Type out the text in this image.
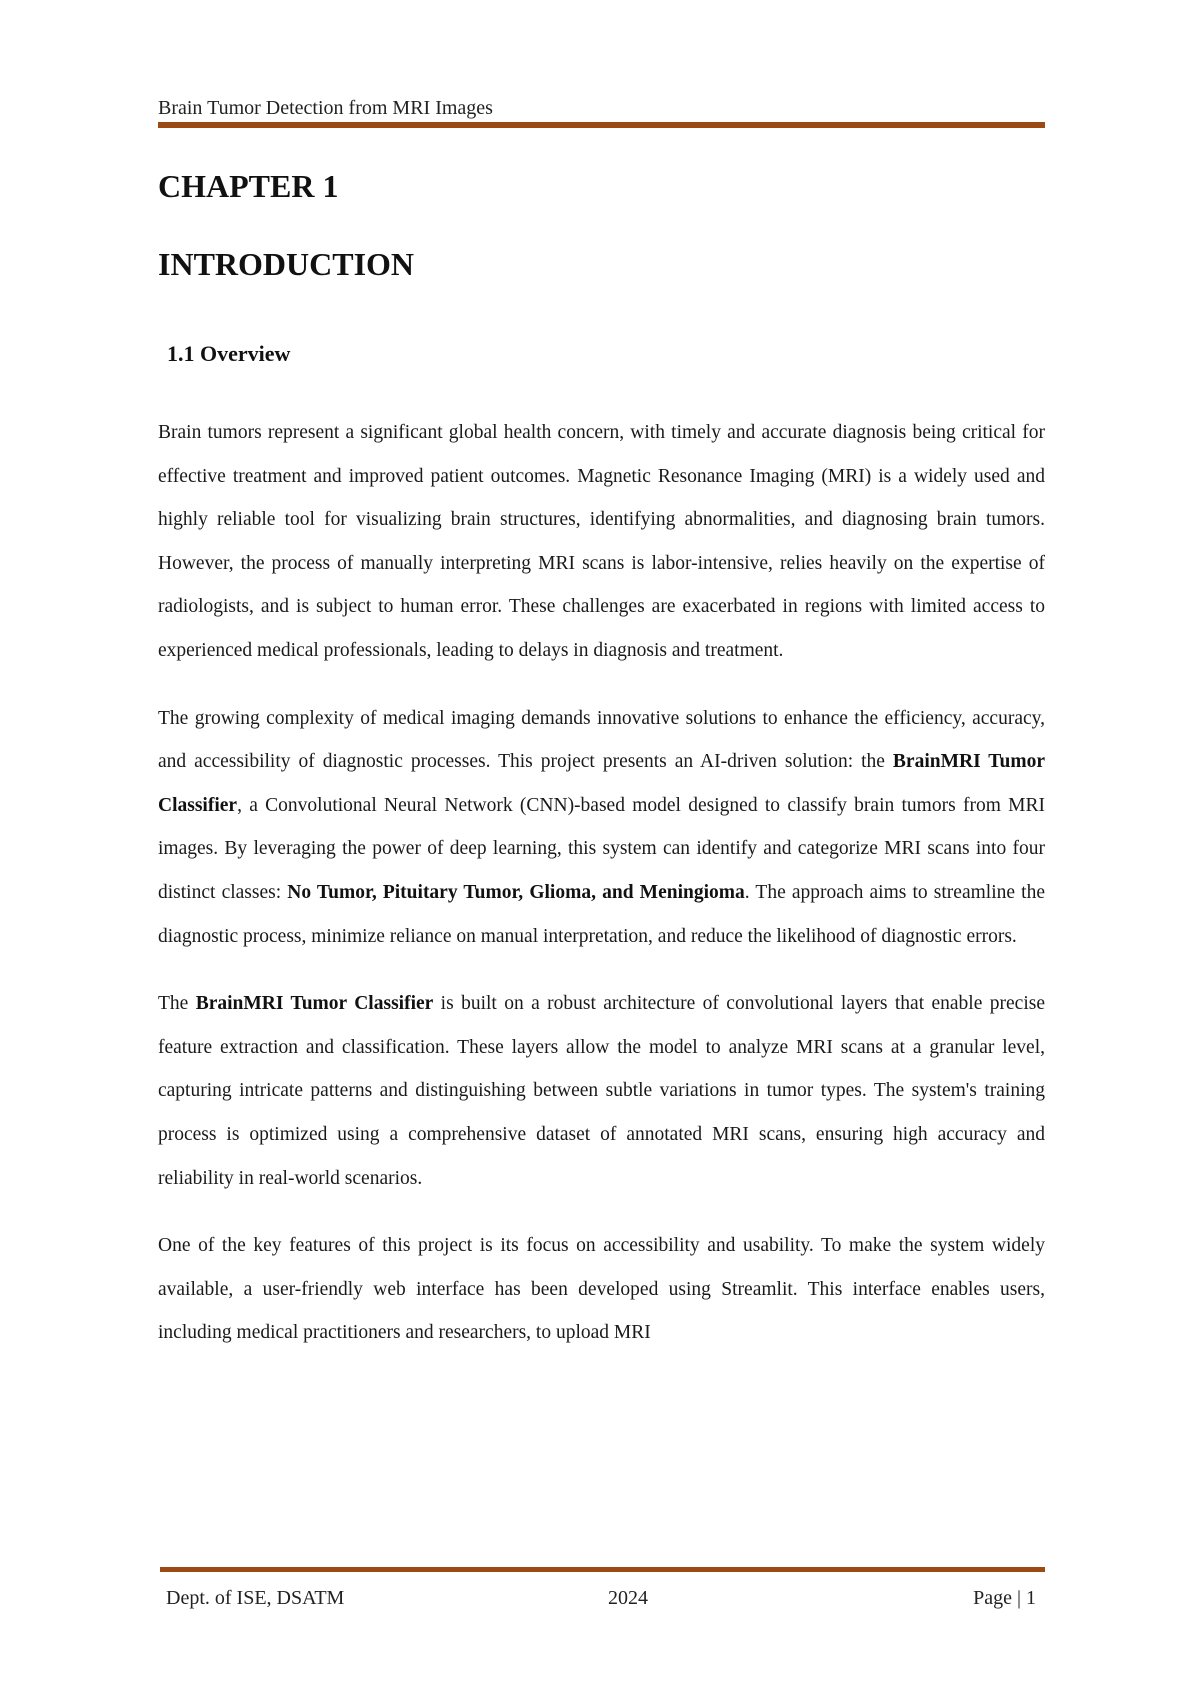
Brain Tumor Detection from MRI Images
CHAPTER 1
INTRODUCTION
1.1 Overview

Brain tumors represent a significant global health concern, with timely and accurate diagnosis being critical for effective treatment and improved patient outcomes. Magnetic Resonance Imaging (MRI) is a widely used and highly reliable tool for visualizing brain structures, identifying abnormalities, and diagnosing brain tumors. However, the process of manually interpreting MRI scans is labor-intensive, relies heavily on the expertise of radiologists, and is subject to human error. These challenges are exacerbated in regions with limited access to experienced medical professionals, leading to delays in diagnosis and treatment.

The growing complexity of medical imaging demands innovative solutions to enhance the efficiency, accuracy, and accessibility of diagnostic processes. This project presents an AI-driven solution: the BrainMRI Tumor Classifier, a Convolutional Neural Network (CNN)-based model designed to classify brain tumors from MRI images. By leveraging the power of deep learning, this system can identify and categorize MRI scans into four distinct classes: No Tumor, Pituitary Tumor, Glioma, and Meningioma. The approach aims to streamline the diagnostic process, minimize reliance on manual interpretation, and reduce the likelihood of diagnostic errors.

The BrainMRI Tumor Classifier is built on a robust architecture of convolutional layers that enable precise feature extraction and classification. These layers allow the model to analyze MRI scans at a granular level, capturing intricate patterns and distinguishing between subtle variations in tumor types. The system's training process is optimized using a comprehensive dataset of annotated MRI scans, ensuring high accuracy and reliability in real-world scenarios.

One of the key features of this project is its focus on accessibility and usability. To make the system widely available, a user-friendly web interface has been developed using Streamlit. This interface enables users, including medical practitioners and researchers, to upload MRI

Dept. of ISE, DSATM	2024	Page | 1
